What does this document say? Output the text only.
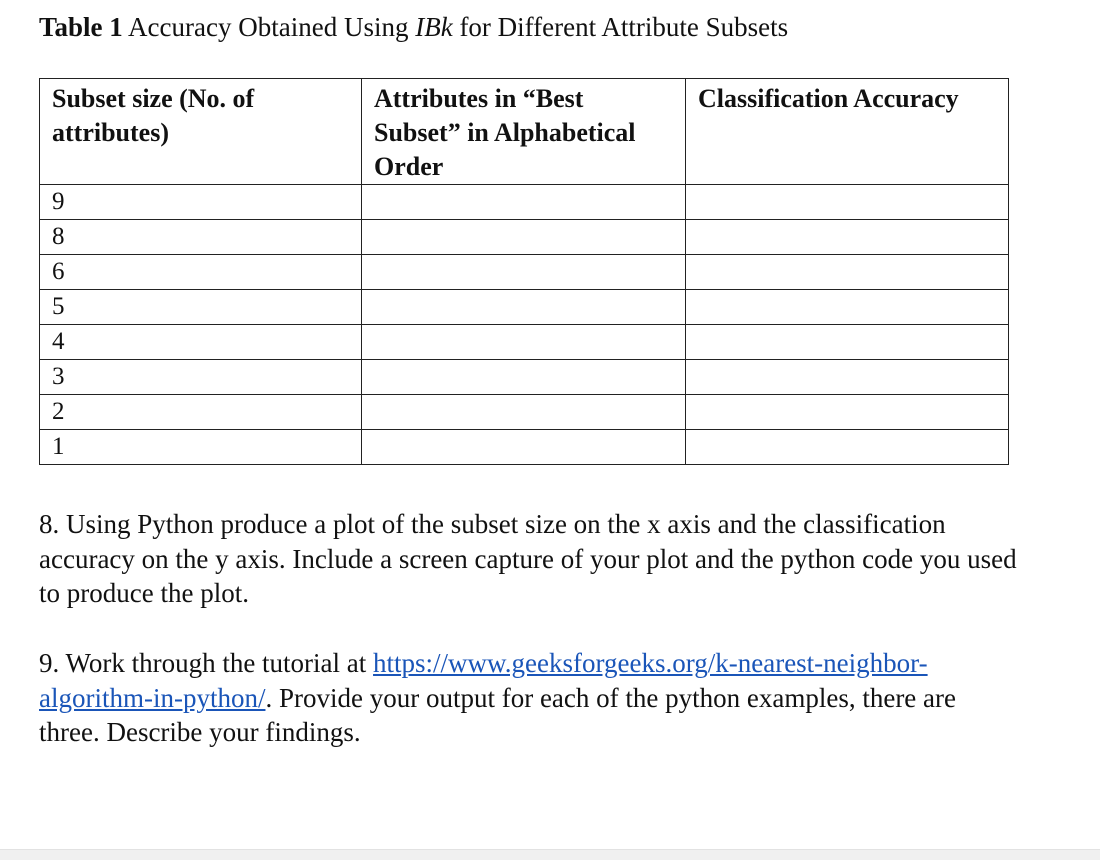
Table 1 Accuracy Obtained Using IBk for Different Attribute Subsets
Subset size (No. of attributes)	Attributes in “Best Subset” in Alphabetical Order	Classification Accuracy
9		
8		
6		
5		
4		
3		
2		
1		
8. Using Python produce a plot of the subset size on the x axis and the classification accuracy on the y axis. Include a screen capture of your plot and the python code you used to produce the plot.
9. Work through the tutorial at https://www.geeksforgeeks.org/k-nearest-neighbor-algorithm-in-python/. Provide your output for each of the python examples, there are three. Describe your findings.
